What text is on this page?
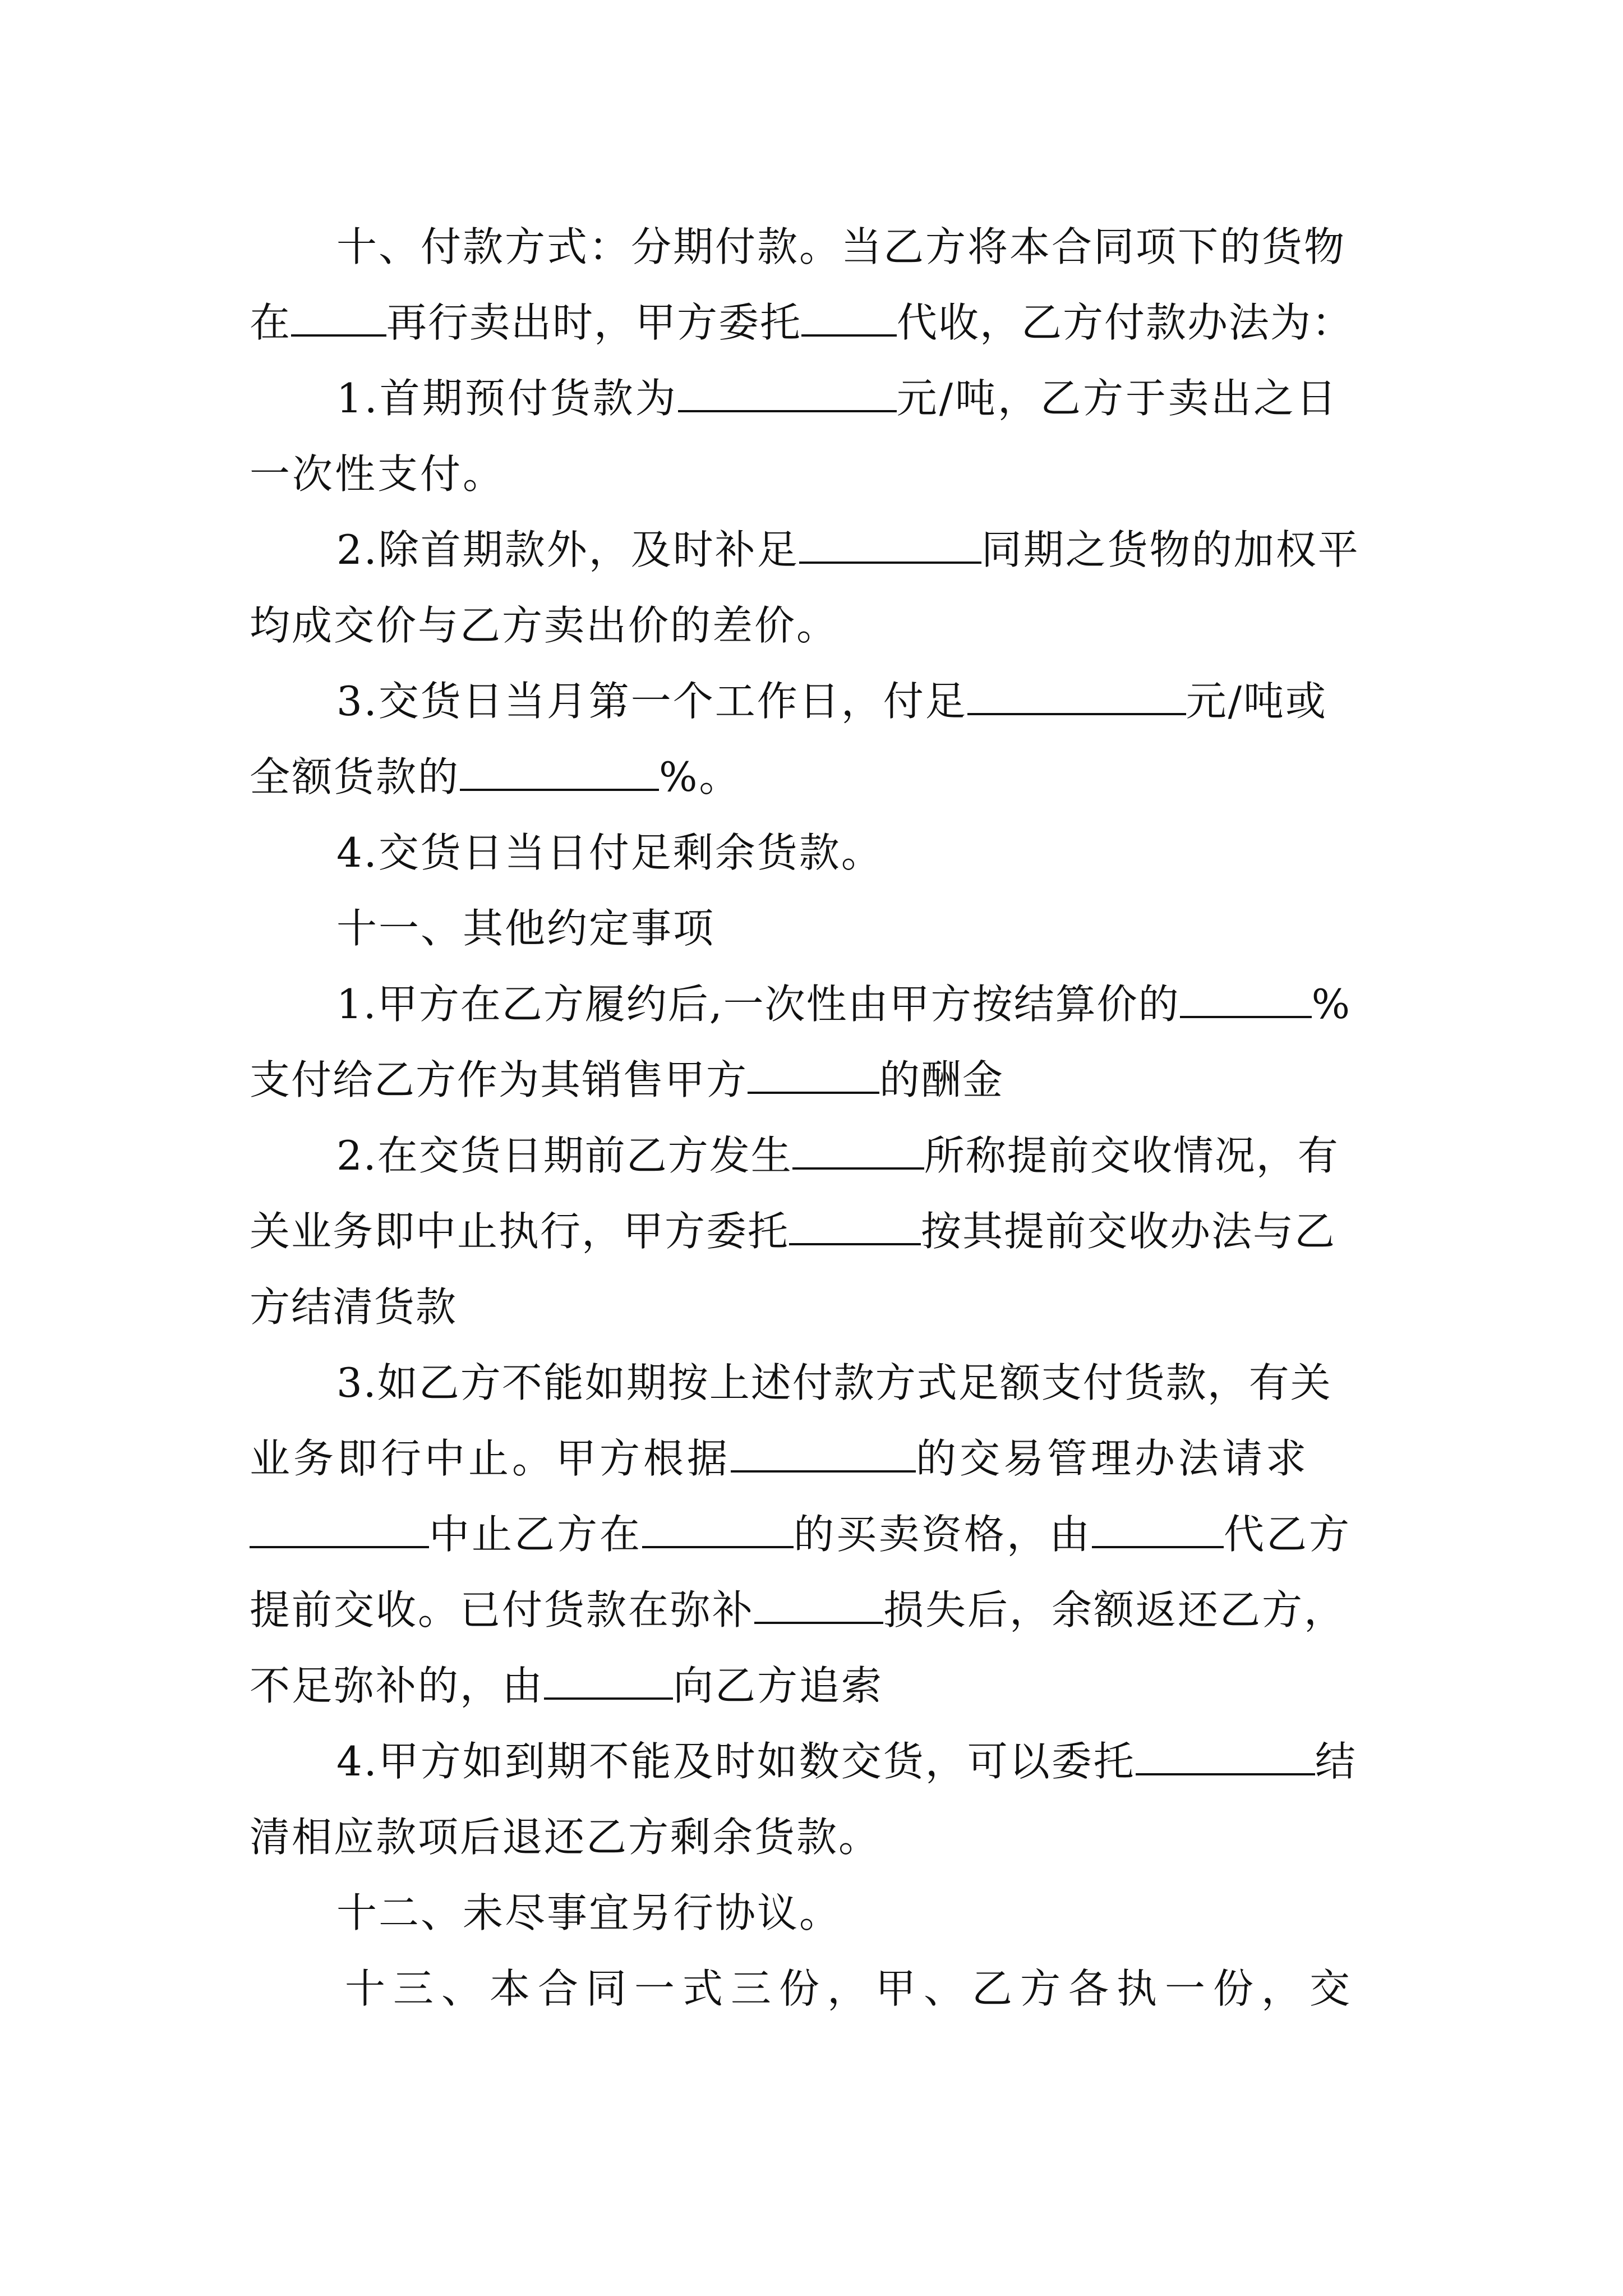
十、付款方式：分期付款。当乙方将本合同项下的货物
在 再行卖出时，甲方委托 代收，乙方付款办法为：
1.首期预付货款为	元/吨，乙方于卖出之日
一次性支付。
2.除首期款外，及时补足	同期之货物的加权平
均成交价与乙方卖出价的差价。
3.交货日当月第一个工作日，付足	元/吨或
全额货款的	%。
4.交货日当日付足剩余货款。
十一、其他约定事项
1.甲方在乙方履约后,一次性由甲方按结算价的	%
支付给乙方作为其销售甲方	的酬金
2.在交货日期前乙方发生	所称提前交收情况，有
关业务即中止执行，甲方委托	按其提前交收办法与乙
方结清货款
3.如乙方不能如期按上述付款方式足额支付货款，有关
业务即行中止。甲方根据	的交易管理办法请求
中止乙方在	的买卖资格，由	代乙方
提前交收。已付货款在弥补	损失后，余额返还乙方，
不足弥补的，由	向乙方追索
4.甲方如到期不能及时如数交货，可以委托	结
清相应款项后退还乙方剩余货款。
十二、未尽事宜另行协议。
十三、本合同一式三份，甲、乙方各执一份，交
